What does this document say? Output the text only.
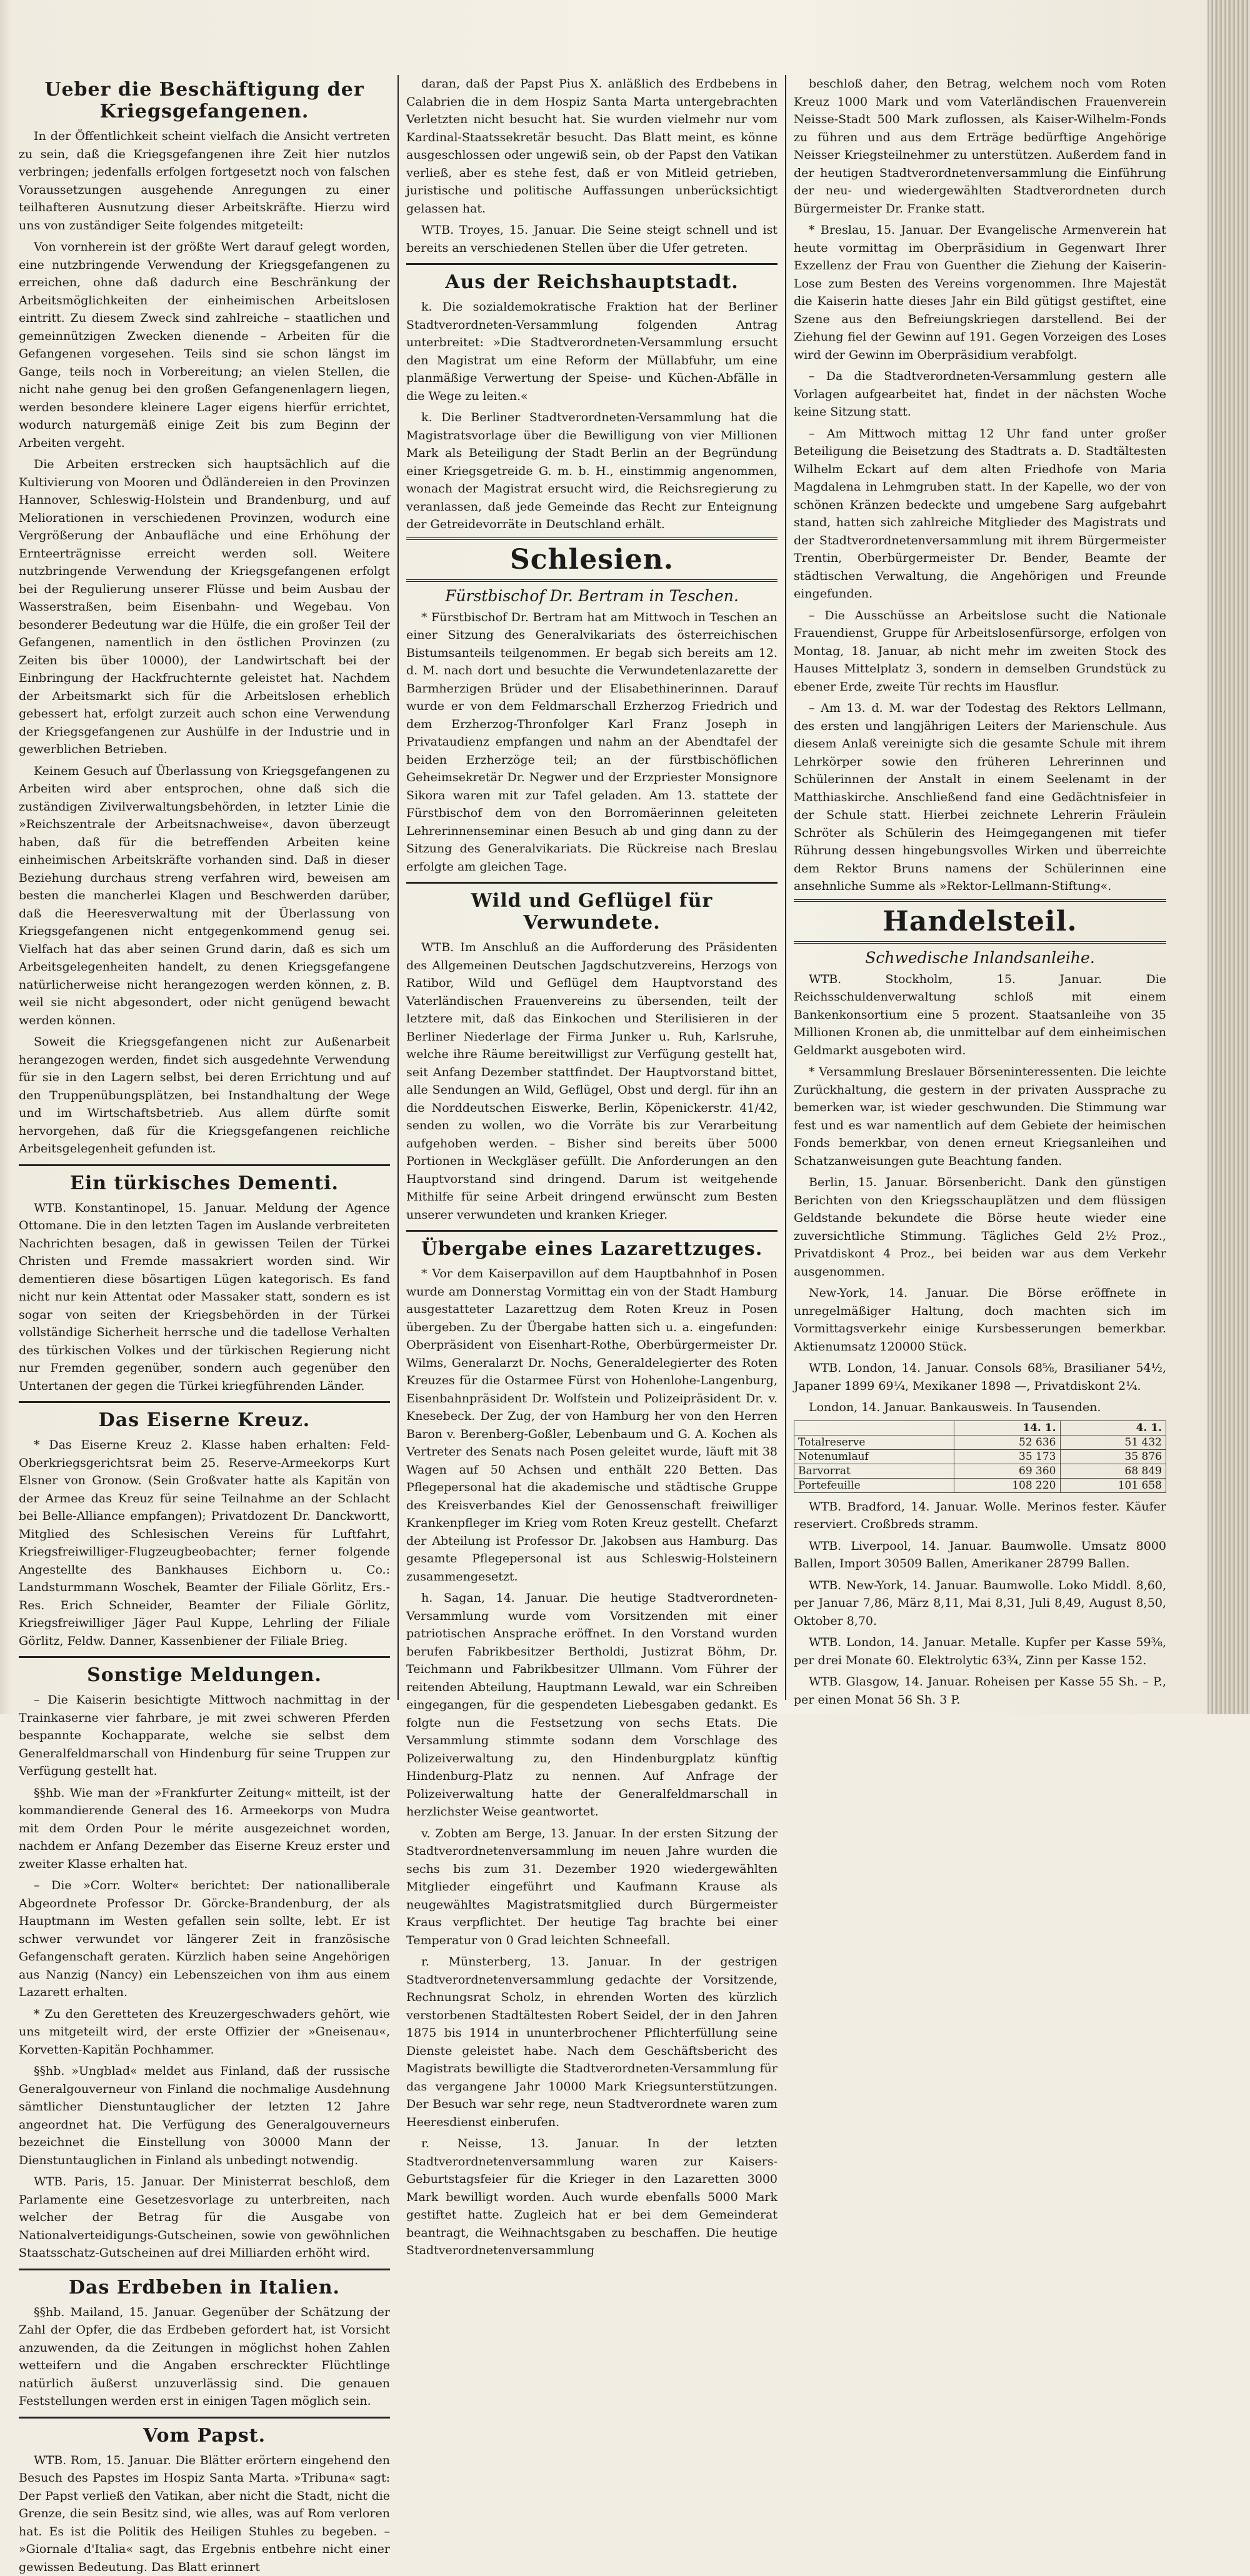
Ueber die Beschäftigung der Kriegsgefangenen.

In der Öffentlichkeit scheint vielfach die Ansicht vertreten zu sein, daß die Kriegsgefangenen ihre Zeit hier nutzlos verbringen; jedenfalls erfolgen fortgesetzt noch von falschen Voraussetzungen ausgehende Anregungen zu einer teilhafteren Ausnutzung dieser Arbeitskräfte. Hierzu wird uns von zuständiger Seite folgendes mitgeteilt:

Von vornherein ist der größte Wert darauf gelegt worden, eine nutzbringende Verwendung der Kriegsgefangenen zu erreichen, ohne daß dadurch eine Beschränkung der Arbeitsmöglichkeiten der einheimischen Arbeitslosen eintritt. Zu diesem Zweck sind zahlreiche – staatlichen und gemeinnützigen Zwecken dienende – Arbeiten für die Gefangenen vorgesehen. Teils sind sie schon längst im Gange, teils noch in Vorbereitung; an vielen Stellen, die nicht nahe genug bei den großen Gefangenenlagern liegen, werden besondere kleinere Lager eigens hierfür errichtet, wodurch naturgemäß einige Zeit bis zum Beginn der Arbeiten vergeht.

Die Arbeiten erstrecken sich hauptsächlich auf die Kultivierung von Mooren und Ödländereien in den Provinzen Hannover, Schleswig-Holstein und Brandenburg, und auf Meliorationen in verschiedenen Provinzen, wodurch eine Vergrößerung der Anbaufläche und eine Erhöhung der Ernteerträgnisse erreicht werden soll. Weitere nutzbringende Verwendung der Kriegsgefangenen erfolgt bei der Regulierung unserer Flüsse und beim Ausbau der Wasserstraßen, beim Eisenbahn- und Wegebau. Von besonderer Bedeutung war die Hülfe, die ein großer Teil der Gefangenen, namentlich in den östlichen Provinzen (zu Zeiten bis über 10000), der Landwirtschaft bei der Einbringung der Hackfruchternte geleistet hat. Nachdem der Arbeitsmarkt sich für die Arbeitslosen erheblich gebessert hat, erfolgt zurzeit auch schon eine Verwendung der Kriegsgefangenen zur Aushülfe in der Industrie und in gewerblichen Betrieben.

Keinem Gesuch auf Überlassung von Kriegsgefangenen zu Arbeiten wird aber entsprochen, ohne daß sich die zuständigen Zivilverwaltungsbehörden, in letzter Linie die »Reichszentrale der Arbeitsnachweise«, davon überzeugt haben, daß für die betreffenden Arbeiten keine einheimischen Arbeitskräfte vorhanden sind. Daß in dieser Beziehung durchaus streng verfahren wird, beweisen am besten die mancherlei Klagen und Beschwerden darüber, daß die Heeresverwaltung mit der Überlassung von Kriegsgefangenen nicht entgegenkommend genug sei. Vielfach hat das aber seinen Grund darin, daß es sich um Arbeitsgelegenheiten handelt, zu denen Kriegsgefangene natürlicherweise nicht herangezogen werden können, z. B. weil sie nicht abgesondert, oder nicht genügend bewacht werden können.

Soweit die Kriegsgefangenen nicht zur Außenarbeit herangezogen werden, findet sich ausgedehnte Verwendung für sie in den Lagern selbst, bei deren Errichtung und auf den Truppenübungsplätzen, bei Instandhaltung der Wege und im Wirtschaftsbetrieb. Aus allem dürfte somit hervorgehen, daß für die Kriegsgefangenen reichliche Arbeitsgelegenheit gefunden ist.

Ein türkisches Dementi.

WTB. Konstantinopel, 15. Januar. Meldung der Agence Ottomane. Die in den letzten Tagen im Auslande verbreiteten Nachrichten besagen, daß in gewissen Teilen der Türkei Christen und Fremde massakriert worden sind. Wir dementieren diese bösartigen Lügen kategorisch. Es fand nicht nur kein Attentat oder Massaker statt, sondern es ist sogar von seiten der Kriegsbehörden in der Türkei vollständige Sicherheit herrsche und die tadellose Verhalten des türkischen Volkes und der türkischen Regierung nicht nur Fremden gegenüber, sondern auch gegenüber den Untertanen der gegen die Türkei kriegführenden Länder.

Das Eiserne Kreuz.

* Das Eiserne Kreuz 2. Klasse haben erhalten: Feld-Oberkriegsgerichtsrat beim 25. Reserve-Armeekorps Kurt Elsner von Gronow. (Sein Großvater hatte als Kapitän von der Armee das Kreuz für seine Teilnahme an der Schlacht bei Belle-Alliance empfangen); Privatdozent Dr. Danckwortt, Mitglied des Schlesischen Vereins für Luftfahrt, Kriegsfreiwilliger-Flugzeugbeobachter; ferner folgende Angestellte des Bankhauses Eichborn u. Co.: Landsturmmann Woschek, Beamter der Filiale Görlitz, Ers.-Res. Erich Schneider, Beamter der Filiale Görlitz, Kriegsfreiwilliger Jäger Paul Kuppe, Lehrling der Filiale Görlitz, Feldw. Danner, Kassenbiener der Filiale Brieg.

Sonstige Meldungen.

– Die Kaiserin besichtigte Mittwoch nachmittag in der Trainkaserne vier fahrbare, je mit zwei schweren Pferden bespannte Kochapparate, welche sie selbst dem Generalfeldmarschall von Hindenburg für seine Truppen zur Verfügung gestellt hat.

§§hb. Wie man der »Frankfurter Zeitung« mitteilt, ist der kommandierende General des 16. Armeekorps von Mudra mit dem Orden Pour le mérite ausgezeichnet worden, nachdem er Anfang Dezember das Eiserne Kreuz erster und zweiter Klasse erhalten hat.

– Die »Corr. Wolter« berichtet: Der nationalliberale Abgeordnete Professor Dr. Görcke-Brandenburg, der als Hauptmann im Westen gefallen sein sollte, lebt. Er ist schwer verwundet vor längerer Zeit in französische Gefangenschaft geraten. Kürzlich haben seine Angehörigen aus Nanzig (Nancy) ein Lebenszeichen von ihm aus einem Lazarett erhalten.

* Zu den Geretteten des Kreuzergeschwaders gehört, wie uns mitgeteilt wird, der erste Offizier der »Gneisenau«, Korvetten-Kapitän Pochhammer.

§§hb. »Ungblad« meldet aus Finland, daß der russische Generalgouverneur von Finland die nochmalige Ausdehnung sämtlicher Dienstuntauglicher der letzten 12 Jahre angeordnet hat. Die Verfügung des Generalgouverneurs bezeichnet die Einstellung von 30000 Mann der Dienstuntauglichen in Finland als unbedingt notwendig.

WTB. Paris, 15. Januar. Der Ministerrat beschloß, dem Parlamente eine Gesetzesvorlage zu unterbreiten, nach welcher der Betrag für die Ausgabe von Nationalverteidigungs-Gutscheinen, sowie von gewöhnlichen Staatsschatz-Gutscheinen auf drei Milliarden erhöht wird.

Das Erdbeben in Italien.

§§hb. Mailand, 15. Januar. Gegenüber der Schätzung der Zahl der Opfer, die das Erdbeben gefordert hat, ist Vorsicht anzuwenden, da die Zeitungen in möglichst hohen Zahlen wetteifern und die Angaben erschreckter Flüchtlinge natürlich äußerst unzuverlässig sind. Die genauen Feststellungen werden erst in einigen Tagen möglich sein.

Vom Papst.

WTB. Rom, 15. Januar. Die Blätter erörtern eingehend den Besuch des Papstes im Hospiz Santa Marta. »Tribuna« sagt: Der Papst verließ den Vatikan, aber nicht die Stadt, nicht die Grenze, die sein Besitz sind, wie alles, was auf Rom verloren hat. Es ist die Politik des Heiligen Stuhles zu begeben. – »Giornale d'Italia« sagt, das Ergebnis entbehre nicht einer gewissen Bedeutung. Das Blatt erinnert

daran, daß der Papst Pius X. anläßlich des Erdbebens in Calabrien die in dem Hospiz Santa Marta untergebrachten Verletzten nicht besucht hat. Sie wurden vielmehr nur vom Kardinal-Staatssekretär besucht. Das Blatt meint, es könne ausgeschlossen oder ungewiß sein, ob der Papst den Vatikan verließ, aber es stehe fest, daß er von Mitleid getrieben, juristische und politische Auffassungen unberücksichtigt gelassen hat.

WTB. Troyes, 15. Januar. Die Seine steigt schnell und ist bereits an verschiedenen Stellen über die Ufer getreten.

Aus der Reichshauptstadt.

k. Die sozialdemokratische Fraktion hat der Berliner Stadtverordneten-Versammlung folgenden Antrag unterbreitet: »Die Stadtverordneten-Versammlung ersucht den Magistrat um eine Reform der Müllabfuhr, um eine planmäßige Verwertung der Speise- und Küchen-Abfälle in die Wege zu leiten.«

k. Die Berliner Stadtverordneten-Versammlung hat die Magistratsvorlage über die Bewilligung von vier Millionen Mark als Beteiligung der Stadt Berlin an der Begründung einer Kriegsgetreide G. m. b. H., einstimmig angenommen, wonach der Magistrat ersucht wird, die Reichsregierung zu veranlassen, daß jede Gemeinde das Recht zur Enteignung der Getreidevorräte in Deutschland erhält.

Schlesien.
Fürstbischof Dr. Bertram in Teschen.

* Fürstbischof Dr. Bertram hat am Mittwoch in Teschen an einer Sitzung des Generalvikariats des österreichischen Bistumsanteils teilgenommen. Er begab sich bereits am 12. d. M. nach dort und besuchte die Verwundetenlazarette der Barmherzigen Brüder und der Elisabethinerinnen. Darauf wurde er von dem Feldmarschall Erzherzog Friedrich und dem Erzherzog-Thronfolger Karl Franz Joseph in Privataudienz empfangen und nahm an der Abendtafel der beiden Erzherzöge teil; an der fürstbischöflichen Geheimsekretär Dr. Negwer und der Erzpriester Monsignore Sikora waren mit zur Tafel geladen. Am 13. stattete der Fürstbischof dem von den Borromäerinnen geleiteten Lehrerinnenseminar einen Besuch ab und ging dann zu der Sitzung des Generalvikariats. Die Rückreise nach Breslau erfolgte am gleichen Tage.

Wild und Geflügel für Verwundete.

WTB. Im Anschluß an die Aufforderung des Präsidenten des Allgemeinen Deutschen Jagdschutzvereins, Herzogs von Ratibor, Wild und Geflügel dem Hauptvorstand des Vaterländischen Frauenvereins zu übersenden, teilt der letztere mit, daß das Einkochen und Sterilisieren in der Berliner Niederlage der Firma Junker u. Ruh, Karlsruhe, welche ihre Räume bereitwilligst zur Verfügung gestellt hat, seit Anfang Dezember stattfindet. Der Hauptvorstand bittet, alle Sendungen an Wild, Geflügel, Obst und dergl. für ihn an die Norddeutschen Eiswerke, Berlin, Köpenickerstr. 41/42, senden zu wollen, wo die Vorräte bis zur Verarbeitung aufgehoben werden. – Bisher sind bereits über 5000 Portionen in Weckgläser gefüllt. Die Anforderungen an den Hauptvorstand sind dringend. Darum ist weitgehende Mithilfe für seine Arbeit dringend erwünscht zum Besten unserer verwundeten und kranken Krieger.

Übergabe eines Lazarettzuges.

* Vor dem Kaiserpavillon auf dem Hauptbahnhof in Posen wurde am Donnerstag Vormittag ein von der Stadt Hamburg ausgestatteter Lazarettzug dem Roten Kreuz in Posen übergeben. Zu der Übergabe hatten sich u. a. eingefunden: Oberpräsident von Eisenhart-Rothe, Oberbürgermeister Dr. Wilms, Generalarzt Dr. Nochs, Generaldelegierter des Roten Kreuzes für die Ostarmee Fürst von Hohenlohe-Langenburg, Eisenbahnpräsident Dr. Wolfstein und Polizeipräsident Dr. v. Knesebeck. Der Zug, der von Hamburg her von den Herren Baron v. Berenberg-Goßler, Lebenbaum und G. A. Kochen als Vertreter des Senats nach Posen geleitet wurde, läuft mit 38 Wagen auf 50 Achsen und enthält 220 Betten. Das Pflegepersonal hat die akademische und städtische Gruppe des Kreisverbandes Kiel der Genossenschaft freiwilliger Krankenpfleger im Krieg vom Roten Kreuz gestellt. Chefarzt der Abteilung ist Professor Dr. Jakobsen aus Hamburg. Das gesamte Pflegepersonal ist aus Schleswig-Holsteinern zusammengesetzt.

h. Sagan, 14. Januar. Die heutige Stadtverordneten-Versammlung wurde vom Vorsitzenden mit einer patriotischen Ansprache eröffnet. In den Vorstand wurden berufen Fabrikbesitzer Bertholdi, Justizrat Böhm, Dr. Teichmann und Fabrikbesitzer Ullmann. Vom Führer der reitenden Abteilung, Hauptmann Lewald, war ein Schreiben eingegangen, für die gespendeten Liebesgaben gedankt. Es folgte nun die Festsetzung von sechs Etats. Die Versammlung stimmte sodann dem Vorschlage des Polizeiverwaltung zu, den Hindenburgplatz künftig Hindenburg-Platz zu nennen. Auf Anfrage der Polizeiverwaltung hatte der Generalfeldmarschall in herzlichster Weise geantwortet.

v. Zobten am Berge, 13. Januar. In der ersten Sitzung der Stadtverordnetenversammlung im neuen Jahre wurden die sechs bis zum 31. Dezember 1920 wiedergewählten Mitglieder eingeführt und Kaufmann Krause als neugewähltes Magistratsmitglied durch Bürgermeister Kraus verpflichtet. Der heutige Tag brachte bei einer Temperatur von 0 Grad leichten Schneefall.

r. Münsterberg, 13. Januar. In der gestrigen Stadtverordnetenversammlung gedachte der Vorsitzende, Rechnungsrat Scholz, in ehrenden Worten des kürzlich verstorbenen Stadtältesten Robert Seidel, der in den Jahren 1875 bis 1914 in ununterbrochener Pflichterfüllung seine Dienste geleistet habe. Nach dem Geschäftsbericht des Magistrats bewilligte die Stadtverordneten-Versammlung für das vergangene Jahr 10000 Mark Kriegsunterstützungen. Der Besuch war sehr rege, neun Stadtverordnete waren zum Heeresdienst einberufen.

r. Neisse, 13. Januar. In der letzten Stadtverordnetenversammlung waren zur Kaisers-Geburtstagsfeier für die Krieger in den Lazaretten 3000 Mark bewilligt worden. Auch wurde ebenfalls 5000 Mark gestiftet hatte. Zugleich hat er bei dem Gemeinderat beantragt, die Weihnachtsgaben zu beschaffen. Die heutige Stadtverordnetenversammlung

beschloß daher, den Betrag, welchem noch vom Roten Kreuz 1000 Mark und vom Vaterländischen Frauenverein Neisse-Stadt 500 Mark zuflossen, als Kaiser-Wilhelm-Fonds zu führen und aus dem Erträge bedürftige Angehörige Neisser Kriegsteilnehmer zu unterstützen. Außerdem fand in der heutigen Stadtverordnetenversammlung die Einführung der neu- und wiedergewählten Stadtverordneten durch Bürgermeister Dr. Franke statt.

* Breslau, 15. Januar. Der Evangelische Armenverein hat heute vormittag im Oberpräsidium in Gegenwart Ihrer Exzellenz der Frau von Guenther die Ziehung der Kaiserin-Lose zum Besten des Vereins vorgenommen. Ihre Majestät die Kaiserin hatte dieses Jahr ein Bild gütigst gestiftet, eine Szene aus den Befreiungskriegen darstellend. Bei der Ziehung fiel der Gewinn auf 191. Gegen Vorzeigen des Loses wird der Gewinn im Oberpräsidium verabfolgt.

– Da die Stadtverordneten-Versammlung gestern alle Vorlagen aufgearbeitet hat, findet in der nächsten Woche keine Sitzung statt.

– Am Mittwoch mittag 12 Uhr fand unter großer Beteiligung die Beisetzung des Stadtrats a. D. Stadtältesten Wilhelm Eckart auf dem alten Friedhofe von Maria Magdalena in Lehmgruben statt. In der Kapelle, wo der von schönen Kränzen bedeckte und umgebene Sarg aufgebahrt stand, hatten sich zahlreiche Mitglieder des Magistrats und der Stadtverordnetenversammlung mit ihrem Bürgermeister Trentin, Oberbürgermeister Dr. Bender, Beamte der städtischen Verwaltung, die Angehörigen und Freunde eingefunden.

– Die Ausschüsse an Arbeitslose sucht die Nationale Frauendienst, Gruppe für Arbeitslosenfürsorge, erfolgen von Montag, 18. Januar, ab nicht mehr im zweiten Stock des Hauses Mittelplatz 3, sondern in demselben Grundstück zu ebener Erde, zweite Tür rechts im Hausflur.

– Am 13. d. M. war der Todestag des Rektors Lellmann, des ersten und langjährigen Leiters der Marienschule. Aus diesem Anlaß vereinigte sich die gesamte Schule mit ihrem Lehrkörper sowie den früheren Lehrerinnen und Schülerinnen der Anstalt in einem Seelenamt in der Matthiaskirche. Anschließend fand eine Gedächtnisfeier in der Schule statt. Hierbei zeichnete Lehrerin Fräulein Schröter als Schülerin des Heimgegangenen mit tiefer Rührung dessen hingebungsvolles Wirken und überreichte dem Rektor Bruns namens der Schülerinnen eine ansehnliche Summe als »Rektor-Lellmann-Stiftung«.

Handelsteil.
Schwedische Inlandsanleihe.

WTB. Stockholm, 15. Januar. Die Reichsschuldenverwaltung schloß mit einem Bankenkonsortium eine 5 prozent. Staatsanleihe von 35 Millionen Kronen ab, die unmittelbar auf dem einheimischen Geldmarkt ausgeboten wird.

* Versammlung Breslauer Börseninteressenten. Die leichte Zurückhaltung, die gestern in der privaten Aussprache zu bemerken war, ist wieder geschwunden. Die Stimmung war fest und es war namentlich auf dem Gebiete der heimischen Fonds bemerkbar, von denen erneut Kriegsanleihen und Schatzanweisungen gute Beachtung fanden.

Berlin, 15. Januar. Börsenbericht. Dank den günstigen Berichten von den Kriegsschauplätzen und dem flüssigen Geldstande bekundete die Börse heute wieder eine zuversichtliche Stimmung. Tägliches Geld 2½ Proz., Privatdiskont 4 Proz., bei beiden war aus dem Verkehr ausgenommen.

New-York, 14. Januar. Die Börse eröffnete in unregelmäßiger Haltung, doch machten sich im Vormittagsverkehr einige Kursbesserungen bemerkbar. Aktienumsatz 120000 Stück.

WTB. London, 14. Januar. Consols 68⅝, Brasilianer 54½, Japaner 1899 69¼, Mexikaner 1898 —, Privatdiskont 2¼.

London, 14. Januar. Bankausweis. In Tausenden.

	14. 1.	4. 1.
Totalreserve	52 636	51 432
Notenumlauf	35 173	35 876
Barvorrat	69 360	68 849
Portefeuille	108 220	101 658

WTB. Bradford, 14. Januar. Wolle. Merinos fester. Käufer reserviert. Croßbreds stramm.

WTB. Liverpool, 14. Januar. Baumwolle. Umsatz 8000 Ballen, Import 30509 Ballen, Amerikaner 28799 Ballen.

WTB. New-York, 14. Januar. Baumwolle. Loko Middl. 8,60, per Januar 7,86, März 8,11, Mai 8,31, Juli 8,49, August 8,50, Oktober 8,70.

WTB. London, 14. Januar. Metalle. Kupfer per Kasse 59⅜, per drei Monate 60. Elektrolytic 63¾, Zinn per Kasse 152.

WTB. Glasgow, 14. Januar. Roheisen per Kasse 55 Sh. – P., per einen Monat 56 Sh. 3 P.
